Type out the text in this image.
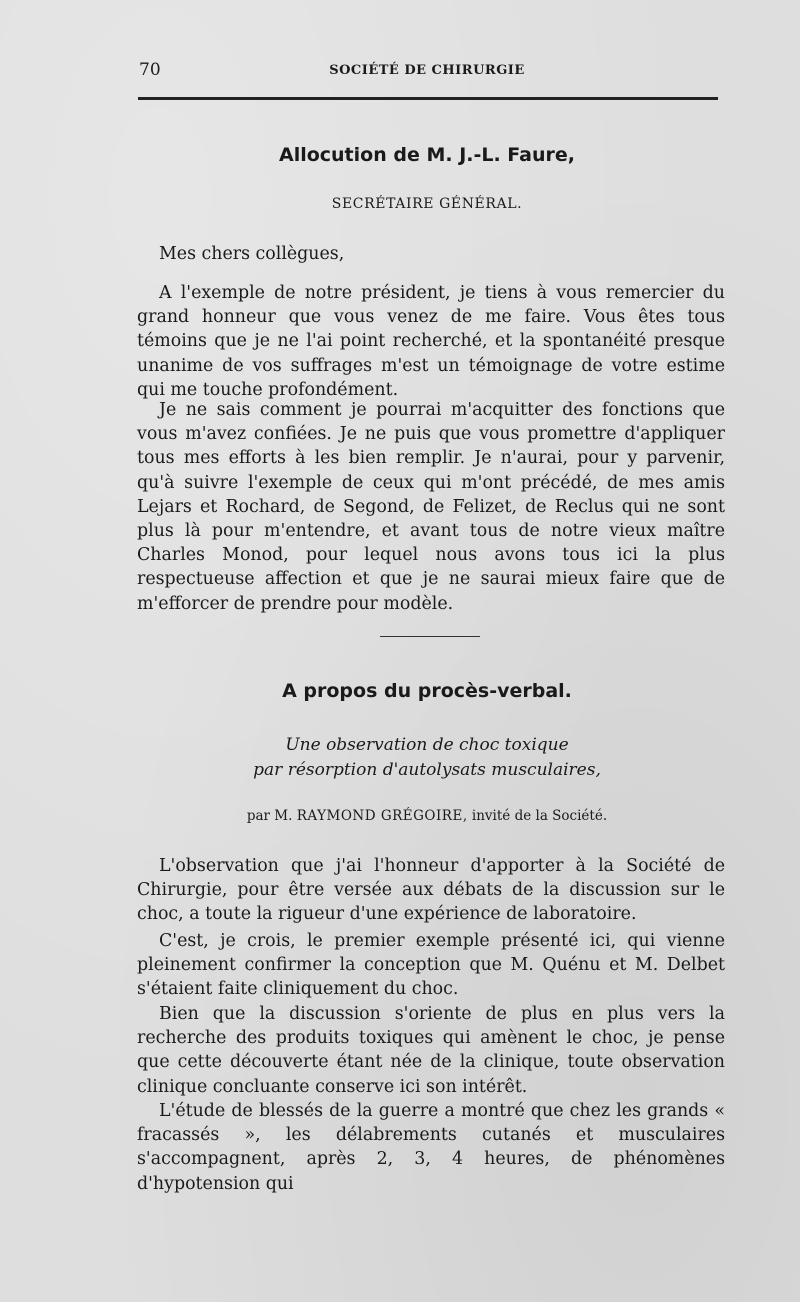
70	SOCIÉTÉ DE CHIRURGIE
Allocution de M. J.-L. Faure,
SECRÉTAIRE GÉNÉRAL.
Mes chers collègues,

A l'exemple de notre président, je tiens à vous remercier du grand honneur que vous venez de me faire. Vous êtes tous témoins que je ne l'ai point recherché, et la spontanéité presque unanime de vos suffrages m'est un témoignage de votre estime qui me touche profondément.

Je ne sais comment je pourrai m'acquitter des fonctions que vous m'avez confiées. Je ne puis que vous promettre d'appliquer tous mes efforts à les bien remplir. Je n'aurai, pour y parvenir, qu'à suivre l'exemple de ceux qui m'ont précédé, de mes amis Lejars et Rochard, de Segond, de Felizet, de Reclus qui ne sont plus là pour m'entendre, et avant tous de notre vieux maître Charles Monod, pour lequel nous avons tous ici la plus respectueuse affection et que je ne saurai mieux faire que de m'efforcer de prendre pour modèle.

A propos du procès-verbal.
Une observation de choc toxique
par résorption d'autolysats musculaires,
par M. RAYMOND GRÉGOIRE, invité de la Société.

L'observation que j'ai l'honneur d'apporter à la Société de Chirurgie, pour être versée aux débats de la discussion sur le choc, a toute la rigueur d'une expérience de laboratoire.

C'est, je crois, le premier exemple présenté ici, qui vienne pleinement confirmer la conception que M. Quénu et M. Delbet s'étaient faite cliniquement du choc.

Bien que la discussion s'oriente de plus en plus vers la recherche des produits toxiques qui amènent le choc, je pense que cette découverte étant née de la clinique, toute observation clinique concluante conserve ici son intérêt.

L'étude de blessés de la guerre a montré que chez les grands « fracassés », les délabrements cutanés et musculaires s'accompagnent, après 2, 3, 4 heures, de phénomènes d'hypotension qui
